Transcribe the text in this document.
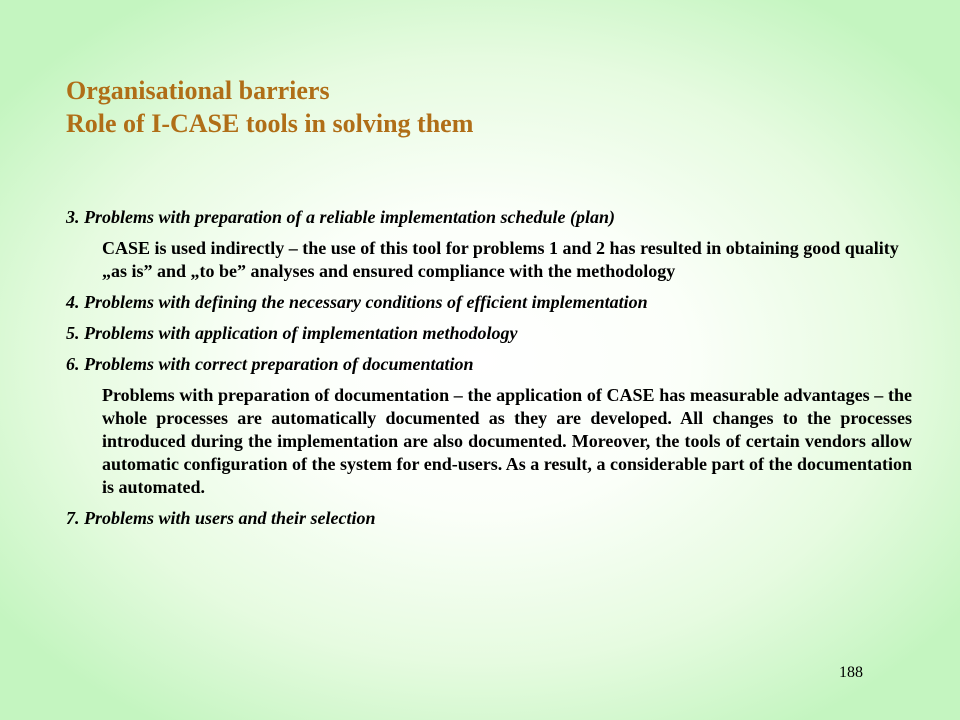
Organisational barriers
Role of I-CASE tools in solving them
3. Problems with preparation of a reliable implementation schedule (plan)
CASE is used indirectly – the use of this tool for problems 1 and 2 has resulted in obtaining good quality „as is” and „to be” analyses and ensured compliance with the methodology
4. Problems with defining the necessary conditions of efficient implementation
5. Problems with application of implementation methodology
6. Problems with correct preparation of documentation
Problems with preparation of documentation – the application of CASE has measurable advantages – the whole processes are automatically documented as they are developed. All changes to the processes introduced during the implementation are also documented. Moreover, the tools of certain vendors allow automatic configuration of the system for end-users. As a result, a considerable part of the documentation is automated.
7. Problems with users and their selection
188
